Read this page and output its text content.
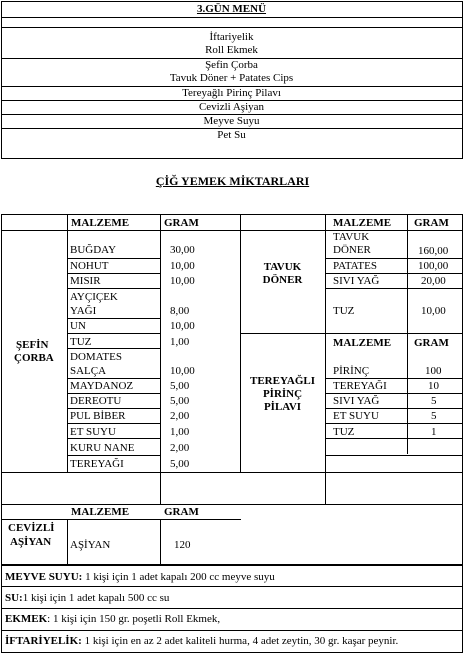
3.GÜN MENÜ
İftariyelik
Roll Ekmek
Şefin Çorba
Tavuk Döner + Patates Cips
Tereyağlı Pirinç Pilavı
Cevizli Aşiyan
Meyve Suyu
Pet Su
ÇİĞ YEMEK MİKTARLARI
MALZEME	GRAM	MALZEME GRAM
ŞEFİN
ÇORBA
BUĞDAY	30,00
NOHUT	10,00
MISIR	10,00
AYÇIÇEK YAĞI	8,00
UN	10,00
TUZ	1,00
DOMATES SALÇA	10,00
MAYDANOZ	5,00
DEREOTU	5,00
PUL BİBER	2,00
ET SUYU	1,00
KURU NANE	2,00
TEREYAĞI	5,00
TAVUK
DÖNER
TAVUK DÖNER	160,00
PATATES	100,00
SIVI YAĞ	20,00
TUZ	10,00
TEREYAĞLI
PİRİNÇ
PİLAVI
MALZEME GRAM
PİRİNÇ	100
TEREYAĞI	10
SIVI YAĞ	5
ET SUYU	5
TUZ	1
MALZEME	GRAM
CEVİZLİ
AŞİYAN AŞİYAN	120
MEYVE SUYU: 1 kişi için 1 adet kapalı 200 cc meyve suyu
SU:1 kişi için 1 adet kapalı 500 cc su
EKMEK: 1 kişi için 150 gr. poşetli Roll Ekmek,
İFTARİYELİK: 1 kişi için en az 2 adet kaliteli hurma, 4 adet zeytin, 30 gr. kaşar peynir.
